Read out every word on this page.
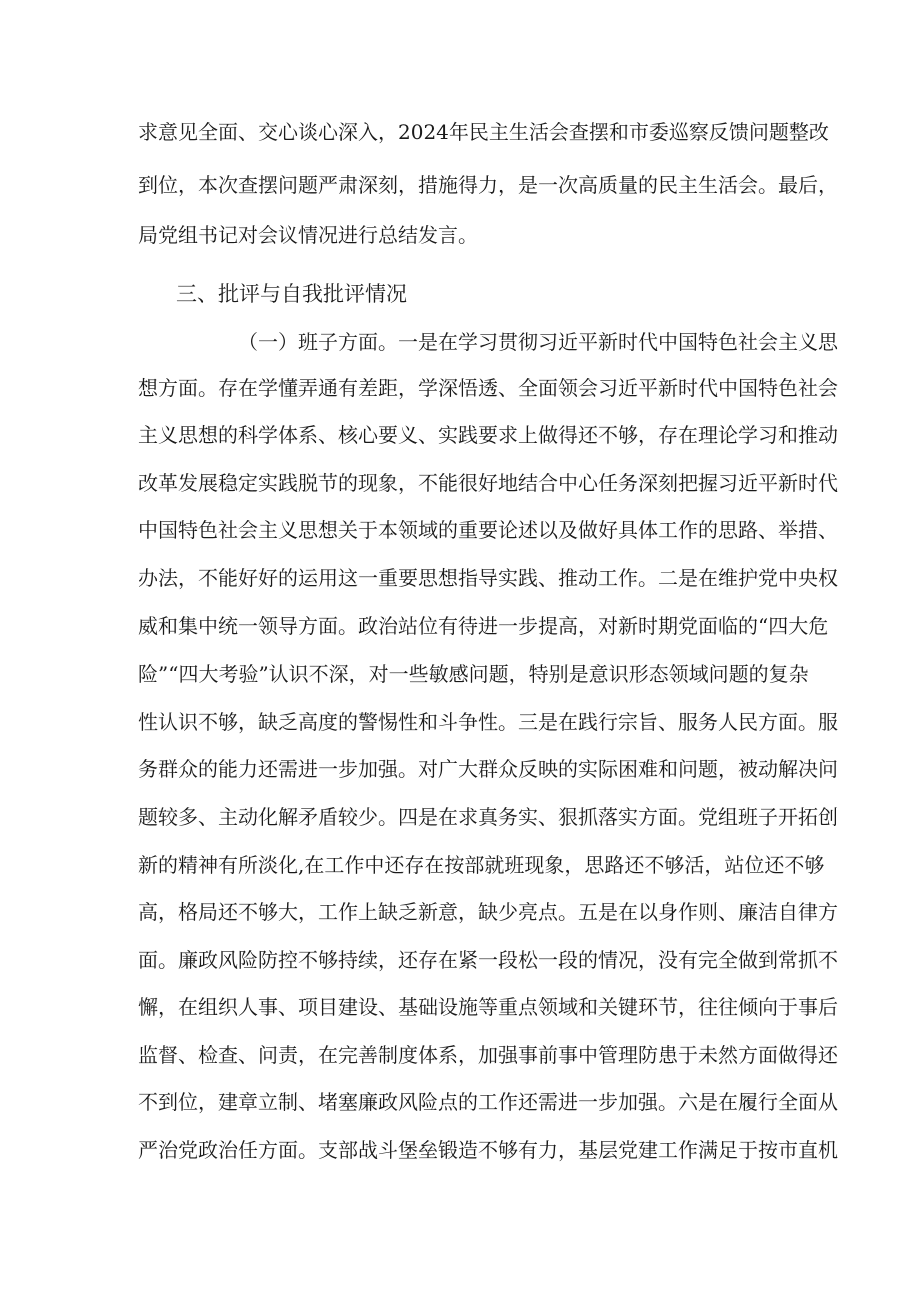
求意见全面、交心谈心深入，2024年民主生活会查摆和市委巡察反馈问题整改
到位，本次查摆问题严肃深刻，措施得力，是一次高质量的民主生活会。最后，
局党组书记对会议情况进行总结发言。
三、批评与自我批评情况
（一）班子方面。一是在学习贯彻习近平新时代中国特色社会主义思
想方面。存在学懂弄通有差距，学深悟透、全面领会习近平新时代中国特色社会
主义思想的科学体系、核心要义、实践要求上做得还不够，存在理论学习和推动
改革发展稳定实践脱节的现象，不能很好地结合中心任务深刻把握习近平新时代
中国特色社会主义思想关于本领域的重要论述以及做好具体工作的思路、举措、
办法，不能好好的运用这一重要思想指导实践、推动工作。二是在维护党中央权
威和集中统一领导方面。政治站位有待进一步提高，对新时期党面临的“四大危
险”“四大考验”认识不深，对一些敏感问题，特别是意识形态领域问题的复杂
性认识不够，缺乏高度的警惕性和斗争性。三是在践行宗旨、服务人民方面。服
务群众的能力还需进一步加强。对广大群众反映的实际困难和问题，被动解决问
题较多、主动化解矛盾较少。四是在求真务实、狠抓落实方面。党组班子开拓创
新的精神有所淡化,在工作中还存在按部就班现象，思路还不够活，站位还不够
高，格局还不够大，工作上缺乏新意，缺少亮点。五是在以身作则、廉洁自律方
面。廉政风险防控不够持续，还存在紧一段松一段的情况，没有完全做到常抓不
懈，在组织人事、项目建设、基础设施等重点领域和关键环节，往往倾向于事后
监督、检查、问责，在完善制度体系，加强事前事中管理防患于未然方面做得还
不到位，建章立制、堵塞廉政风险点的工作还需进一步加强。六是在履行全面从
严治党政治任方面。支部战斗堡垒锻造不够有力，基层党建工作满足于按市直机
